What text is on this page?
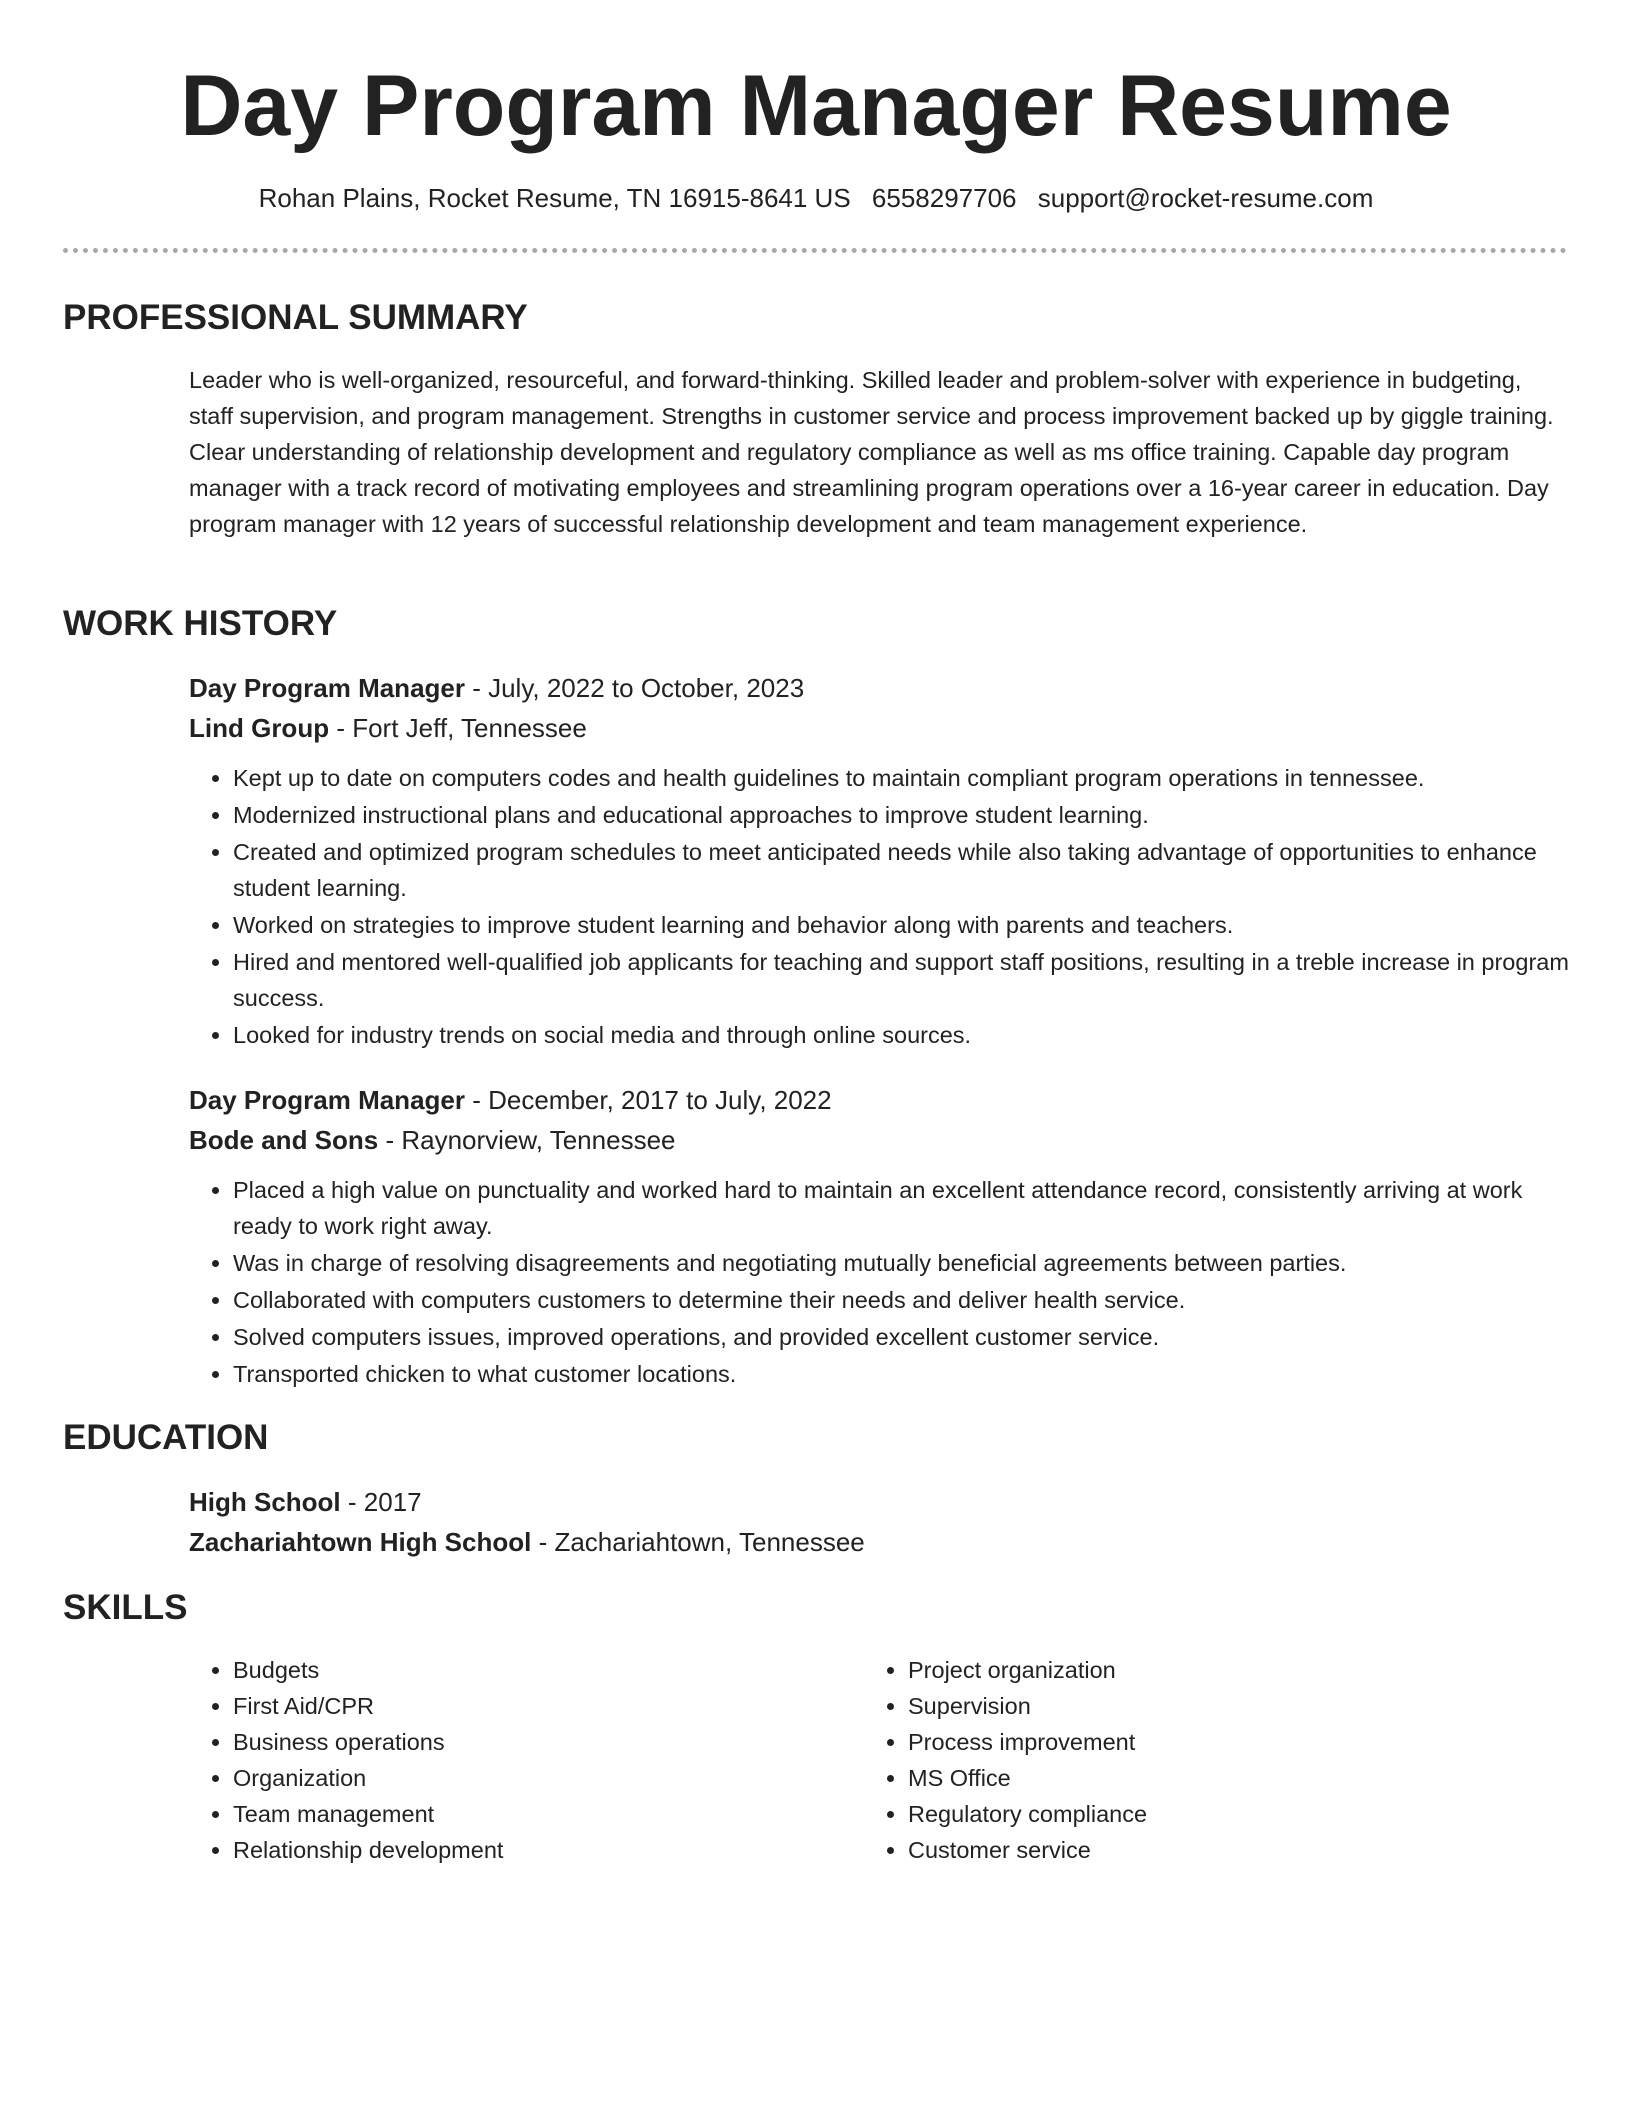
Day Program Manager Resume
Rohan Plains, Rocket Resume, TN 16915-8641 US 6558297706 support@rocket-resume.com
PROFESSIONAL SUMMARY

Leader who is well-organized, resourceful, and forward-thinking. Skilled leader and problem-solver with experience in budgeting, staff supervision, and program management. Strengths in customer service and process improvement backed up by giggle training. Clear understanding of relationship development and regulatory compliance as well as ms office training. Capable day program manager with a track record of motivating employees and streamlining program operations over a 16-year career in education. Day program manager with 12 years of successful relationship development and team management experience.

WORK HISTORY

Day Program Manager - July, 2022 to October, 2023

Lind Group - Fort Jeff, Tennessee

• Kept up to date on computers codes and health guidelines to maintain compliant program operations in tennessee.
• Modernized instructional plans and educational approaches to improve student learning.
• Created and optimized program schedules to meet anticipated needs while also taking advantage of opportunities to enhance student learning.
• Worked on strategies to improve student learning and behavior along with parents and teachers.
• Hired and mentored well-qualified job applicants for teaching and support staff positions, resulting in a treble increase in program success.
• Looked for industry trends on social media and through online sources.

Day Program Manager - December, 2017 to July, 2022

Bode and Sons - Raynorview, Tennessee

• Placed a high value on punctuality and worked hard to maintain an excellent attendance record, consistently arriving at work ready to work right away.
• Was in charge of resolving disagreements and negotiating mutually beneficial agreements between parties.
• Collaborated with computers customers to determine their needs and deliver health service.
• Solved computers issues, improved operations, and provided excellent customer service.
• Transported chicken to what customer locations.
EDUCATION

High School - 2017

Zachariahtown High School - Zachariahtown, Tennessee

SKILLS
• Budgets
• First Aid/CPR
• Business operations
• Organization
• Team management
• Relationship development
• Project organization
• Supervision
• Process improvement
• MS Office
• Regulatory compliance
• Customer service
